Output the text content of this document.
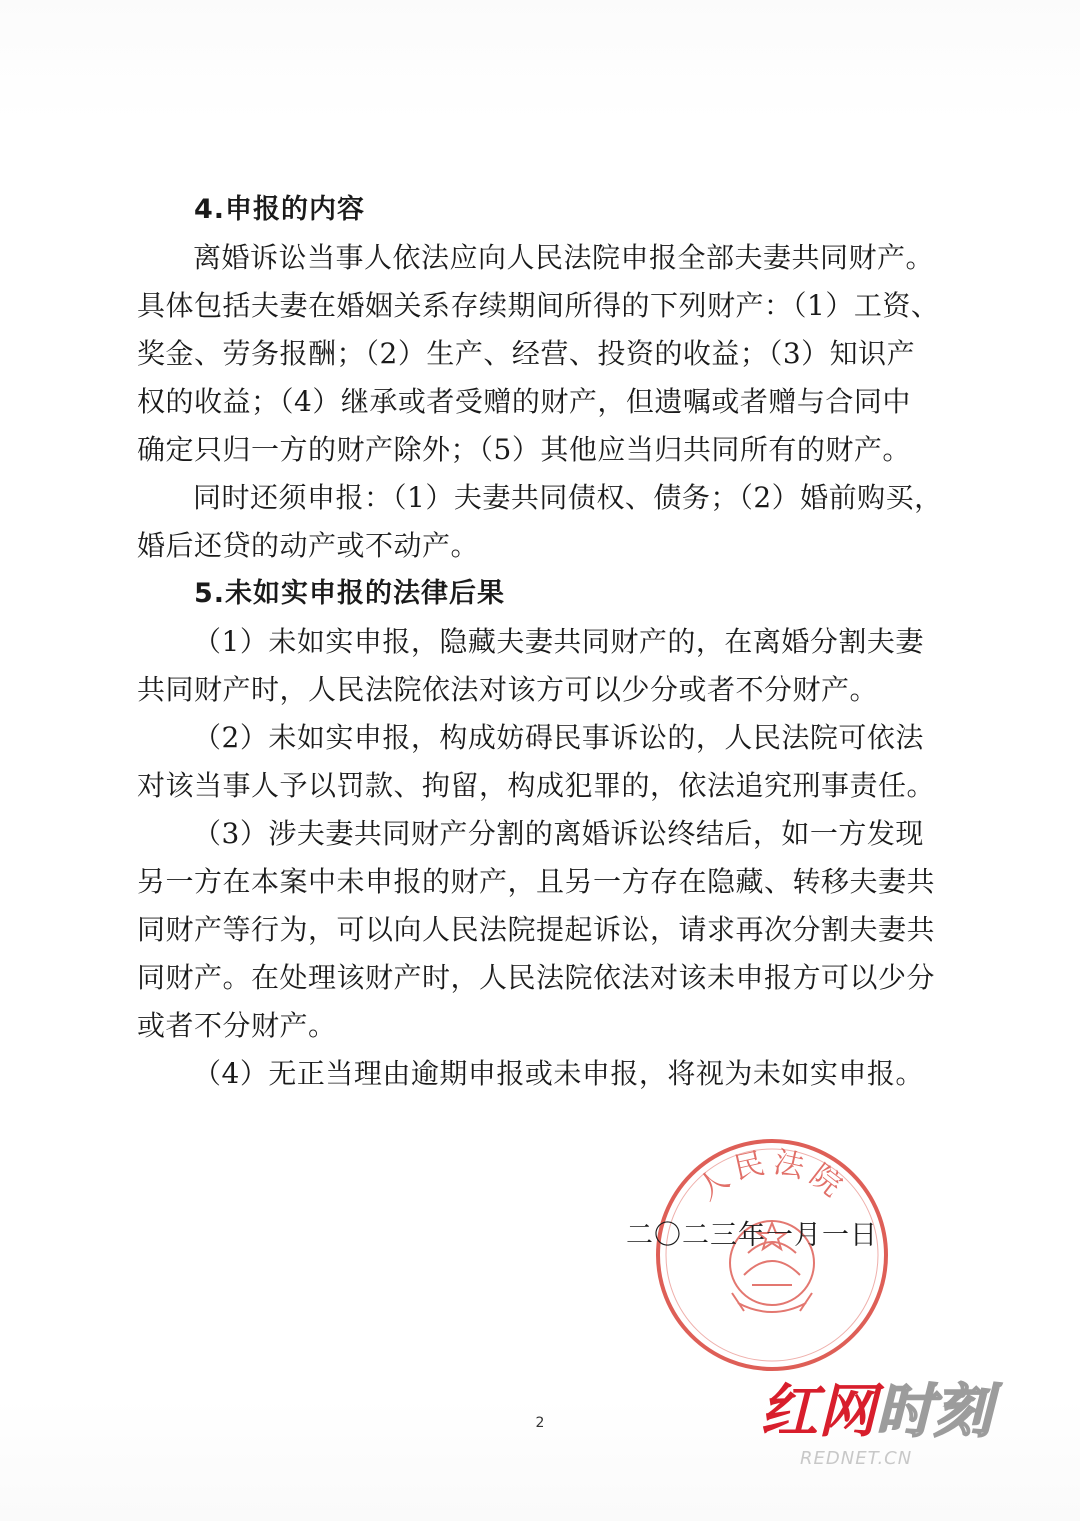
4.申报的内容

离婚诉讼当事人依法应向人民法院申报全部夫妻共同财产。

具体包括夫妻在婚姻关系存续期间所得的下列财产：（1）工资、

奖金、劳务报酬；（2）生产、经营、投资的收益；（3）知识产

权的收益；（4）继承或者受赠的财产，但遗嘱或者赠与合同中

确定只归一方的财产除外；（5）其他应当归共同所有的财产。

同时还须申报：（1）夫妻共同债权、债务；（2）婚前购买，

婚后还贷的动产或不动产。

5.未如实申报的法律后果

（1）未如实申报，隐藏夫妻共同财产的，在离婚分割夫妻

共同财产时，人民法院依法对该方可以少分或者不分财产。

（2）未如实申报，构成妨碍民事诉讼的，人民法院可依法

对该当事人予以罚款、拘留，构成犯罪的，依法追究刑事责任。

（3）涉夫妻共同财产分割的离婚诉讼终结后，如一方发现

另一方在本案中未申报的财产，且另一方存在隐藏、转移夫妻共

同财产等行为，可以向人民法院提起诉讼，请求再次分割夫妻共

同财产。在处理该财产时，人民法院依法对该未申报方可以少分

或者不分财产。

（4）无正当理由逾期申报或未申报，将视为未如实申报。

人民法院
二〇二三年一月一日
2	红网时刻
REDNET.CN
